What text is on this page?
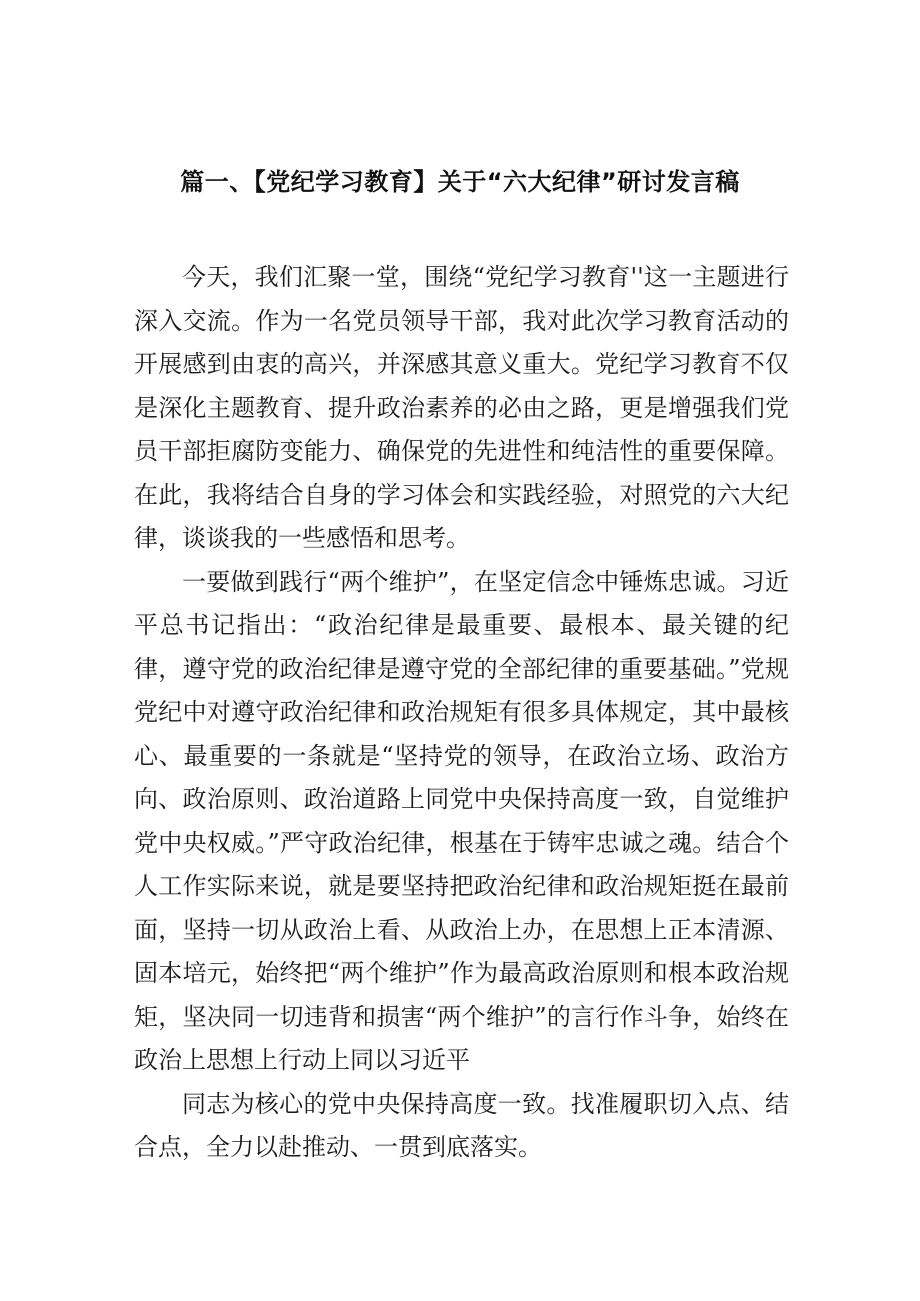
篇一、【党纪学习教育】关于“六大纪律”研讨发言稿

今天，我们汇聚一堂，围绕“党纪学习教育''这一主题进行深入交流。作为一名党员领导干部，我对此次学习教育活动的开展感到由衷的高兴，并深感其意义重大。党纪学习教育不仅是深化主题教育、提升政治素养的必由之路，更是增强我们党员干部拒腐防变能力、确保党的先进性和纯洁性的重要保障。在此，我将结合自身的学习体会和实践经验，对照党的六大纪律，谈谈我的一些感悟和思考。

一要做到践行“两个维护”，在坚定信念中锤炼忠诚。习近平总书记指出：“政治纪律是最重要、最根本、最关键的纪律，遵守党的政治纪律是遵守党的全部纪律的重要基础。”党规党纪中对遵守政治纪律和政治规矩有很多具体规定，其中最核心、最重要的一条就是“坚持党的领导，在政治立场、政治方向、政治原则、政治道路上同党中央保持高度一致，自觉维护党中央权威。”严守政治纪律，根基在于铸牢忠诚之魂。结合个人工作实际来说，就是要坚持把政治纪律和政治规矩挺在最前面，坚持一切从政治上看、从政治上办，在思想上正本清源、固本培元，始终把“两个维护”作为最高政治原则和根本政治规矩，坚决同一切违背和损害“两个维护”的言行作斗争，始终在政治上思想上行动上同以习近平

同志为核心的党中央保持高度一致。找准履职切入点、结合点，全力以赴推动、一贯到底落实。
